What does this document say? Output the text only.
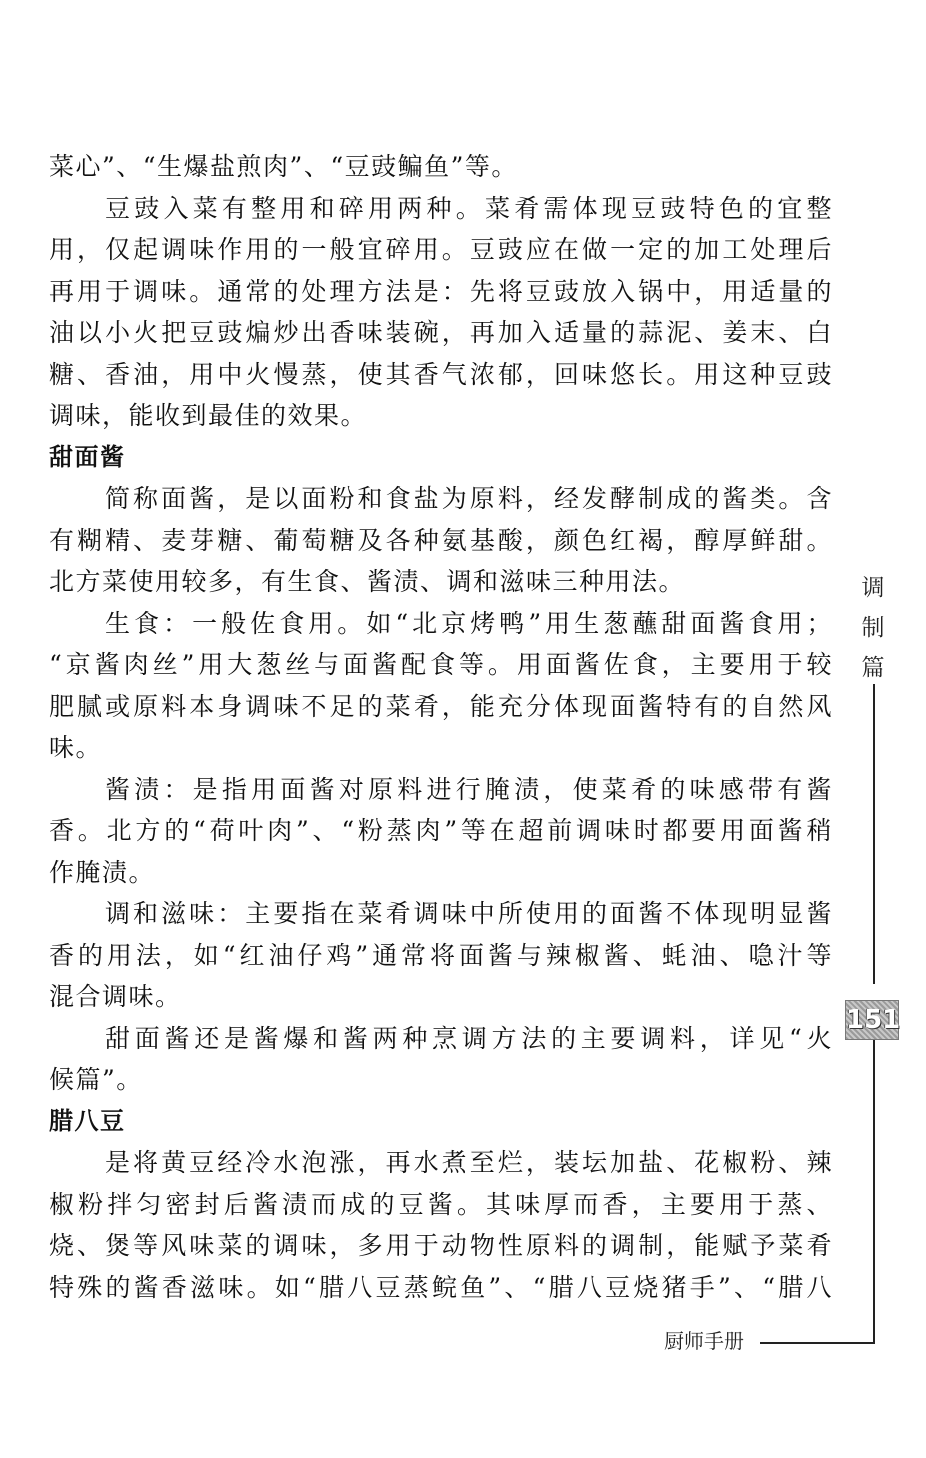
菜心”、“生爆盐煎肉”、“豆豉鳊鱼”等。
豆豉入菜有整用和碎用两种。菜肴需体现豆豉特色的宜整
用，仅起调味作用的一般宜碎用。豆豉应在做一定的加工处理后
再用于调味。通常的处理方法是：先将豆豉放入锅中，用适量的
油以小火把豆豉煸炒出香味装碗，再加入适量的蒜泥、姜末、白
糖、香油，用中火慢蒸，使其香气浓郁，回味悠长。用这种豆豉
调味，能收到最佳的效果。
甜面酱
简称面酱，是以面粉和食盐为原料，经发酵制成的酱类。含
有糊精、麦芽糖、葡萄糖及各种氨基酸，颜色红褐，醇厚鲜甜。
北方菜使用较多，有生食、酱渍、调和滋味三种用法。
生食：一般佐食用。如“北京烤鸭”用生葱蘸甜面酱食用；
“京酱肉丝”用大葱丝与面酱配食等。用面酱佐食，主要用于较
肥腻或原料本身调味不足的菜肴，能充分体现面酱特有的自然风
味。
酱渍：是指用面酱对原料进行腌渍，使菜肴的味感带有酱
香。北方的“荷叶肉”、“粉蒸肉”等在超前调味时都要用面酱稍
作腌渍。
调和滋味：主要指在菜肴调味中所使用的面酱不体现明显酱
香的用法，如“红油仔鸡”通常将面酱与辣椒酱、蚝油、喼汁等
混合调味。
甜面酱还是酱爆和酱两种烹调方法的主要调料，详见“火
候篇”。
腊八豆
是将黄豆经冷水泡涨，再水煮至烂，装坛加盐、花椒粉、辣
椒粉拌匀密封后酱渍而成的豆酱。其味厚而香，主要用于蒸、
烧、煲等风味菜的调味，多用于动物性原料的调制，能赋予菜肴
特殊的酱香滋味。如“腊八豆蒸鲩鱼”、“腊八豆烧猪手”、“腊八
调
制
篇
151
厨师手册
